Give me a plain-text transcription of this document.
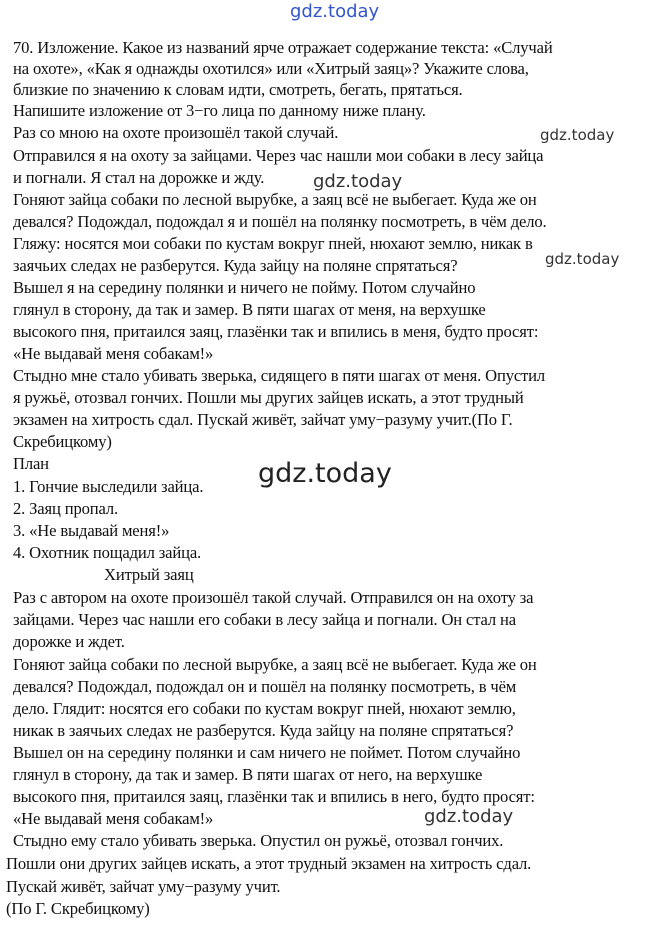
gdz.today
70. Изложение. Какое из названий ярче отражает содержание текста: «Случай
на охоте», «Как я однажды охотился» или «Хитрый заяц»? Укажите слова,
близкие по значению к словам идти, смотреть, бегать, прятаться.
Напишите изложение от 3−го лица по данному ниже плану.
Раз со мною на охоте произошёл такой случай.
Отправился я на охоту за зайцами. Через час нашли мои собаки в лесу зайца
и погнали. Я стал на дорожке и жду.
Гоняют зайца собаки по лесной вырубке, а заяц всё не выбегает. Куда же он
девался? Подождал, подождал я и пошёл на полянку посмотреть, в чём дело.
Гляжу: носятся мои собаки по кустам вокруг пней, нюхают землю, никак в
заячьих следах не разберутся. Куда зайцу на поляне спрятаться?
Вышел я на середину полянки и ничего не пойму. Потом случайно
глянул в сторону, да так и замер. В пяти шагах от меня, на верхушке
высокого пня, притаился заяц, глазёнки так и впились в меня, будто просят:
«Не выдавай меня собакам!»
Стыдно мне стало убивать зверька, сидящего в пяти шагах от меня. Опустил
я ружьё, отозвал гончих. Пошли мы других зайцев искать, а этот трудный
экзамен на хитрость сдал. Пускай живёт, зайчат уму−разуму учит.(По Г.
Скребицкому)
План
1. Гончие выследили зайца.
2. Заяц пропал.
3. «Не выдавай меня!»
4. Охотник пощадил зайца.
Хитрый заяц
Раз с автором на охоте произошёл такой случай. Отправился он на охоту за
зайцами. Через час нашли его собаки в лесу зайца и погнали. Он стал на
дорожке и ждет.
Гоняют зайца собаки по лесной вырубке, а заяц всё не выбегает. Куда же он
девался? Подождал, подождал он и пошёл на полянку посмотреть, в чём
дело. Глядит: носятся его собаки по кустам вокруг пней, нюхают землю,
никак в заячьих следах не разберутся. Куда зайцу на поляне спрятаться?
Вышел он на середину полянки и сам ничего не поймет. Потом случайно
глянул в сторону, да так и замер. В пяти шагах от него, на верхушке
высокого пня, притаился заяц, глазёнки так и впились в него, будто просят:
«Не выдавай меня собакам!»
Стыдно ему стало убивать зверька. Опустил он ружьё, отозвал гончих.
Пошли они других зайцев искать, а этот трудный экзамен на хитрость сдал.
Пускай живёт, зайчат уму−разуму учит.
(По Г. Скребицкому)
gdz.today
gdz.today
gdz.today
gdz.today
gdz.today
